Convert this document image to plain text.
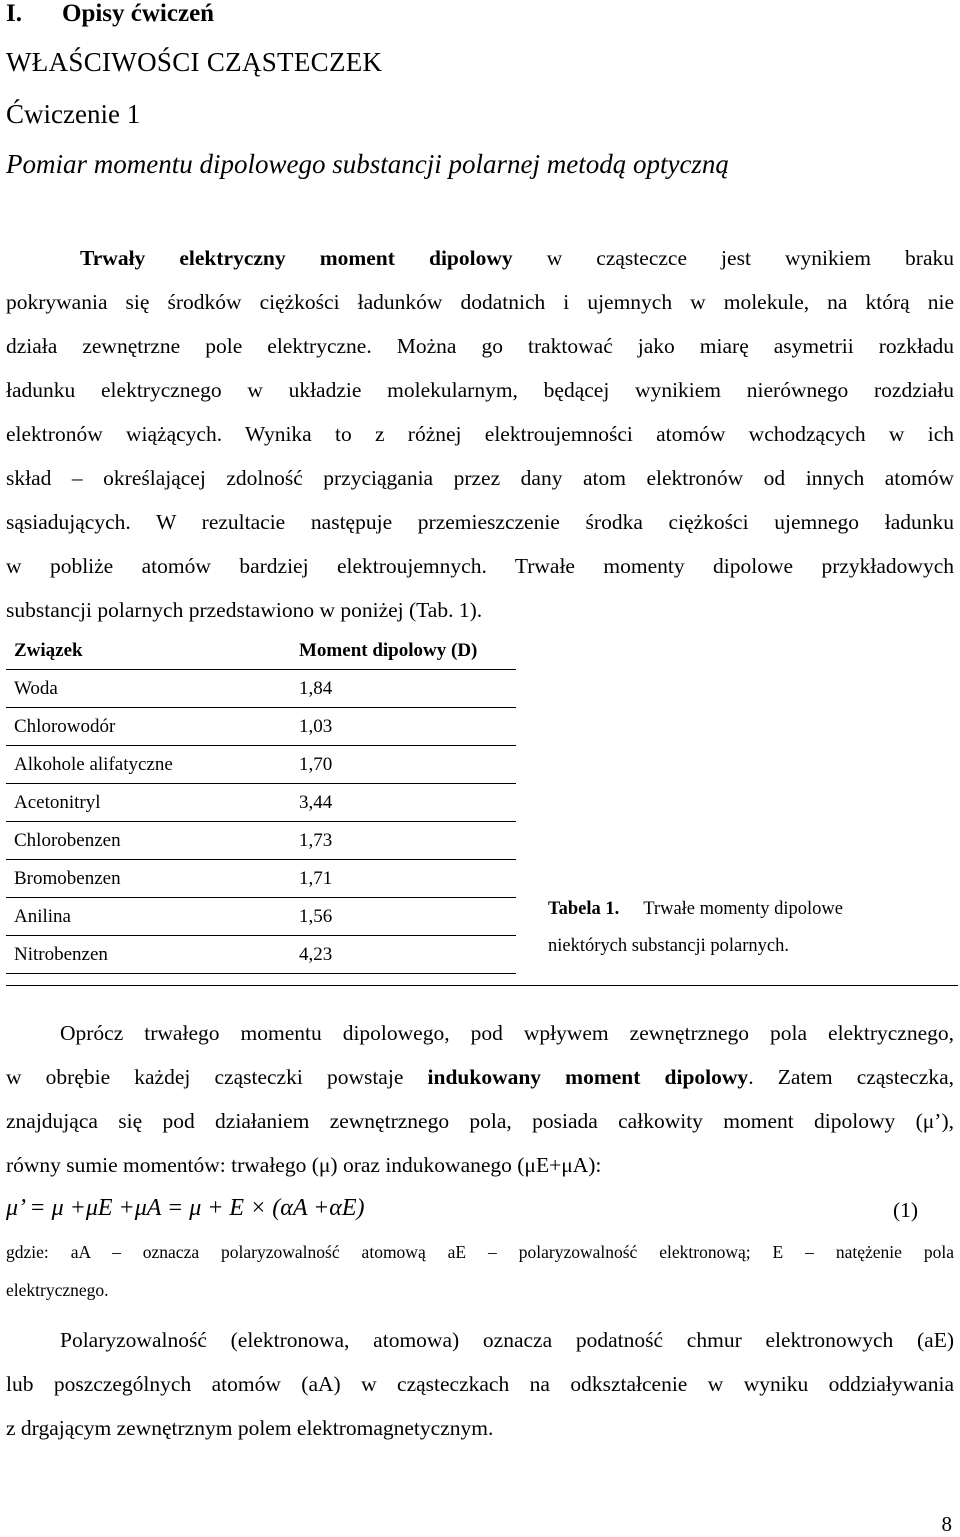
I. Opisy ćwiczeń
WŁAŚCIWOŚCI CZĄSTECZEK
Ćwiczenie 1
Pomiar momentu dipolowego substancji polarnej metodą optyczną
Trwały elektryczny moment dipolowy w cząsteczce jest wynikiem braku
pokrywania się środków ciężkości ładunków dodatnich i ujemnych w molekule, na którą nie
działa zewnętrzne pole elektryczne. Można go traktować jako miarę asymetrii rozkładu
ładunku elektrycznego w układzie molekularnym, będącej wynikiem nierównego rozdziału
elektronów wiążących. Wynika to z różnej elektroujemności atomów wchodzących w ich
skład – określającej zdolność przyciągania przez dany atom elektronów od innych atomów
sąsiadujących. W rezultacie następuje przemieszczenie środka ciężkości ujemnego ładunku
w pobliże atomów bardziej elektroujemnych. Trwałe momenty dipolowe przykładowych
substancji polarnych przedstawiono w poniżej (Tab. 1).
Związek	Moment dipolowy (D)
Woda	1,84
Chlorowodór	1,03
Alkohole alifatyczne	1,70
Acetonitryl	3,44
Chlorobenzen	1,73
Bromobenzen	1,71
Anilina	1,56
Nitrobenzen	4,23
Tabela 1. Trwałe momenty dipolowe
niektórych substancji polarnych.
Oprócz trwałego momentu dipolowego, pod wpływem zewnętrznego pola elektrycznego,
w obrębie każdej cząsteczki powstaje indukowany moment dipolowy. Zatem cząsteczka,
znajdująca się pod działaniem zewnętrznego pola, posiada całkowity moment dipolowy (μ’),
równy sumie momentów: trwałego (μ) oraz indukowanego (μE+μA):
μ’ = μ +μE +μA = μ + E × (αA +αE)	(1)
gdzie: aA – oznacza polaryzowalność atomową aE – polaryzowalność elektronową; E – natężenie pola
elektrycznego.
Polaryzowalność (elektronowa, atomowa) oznacza podatność chmur elektronowych (aE)
lub poszczególnych atomów (aA) w cząsteczkach na odkształcenie w wyniku oddziaływania
z drgającym zewnętrznym polem elektromagnetycznym.
8
